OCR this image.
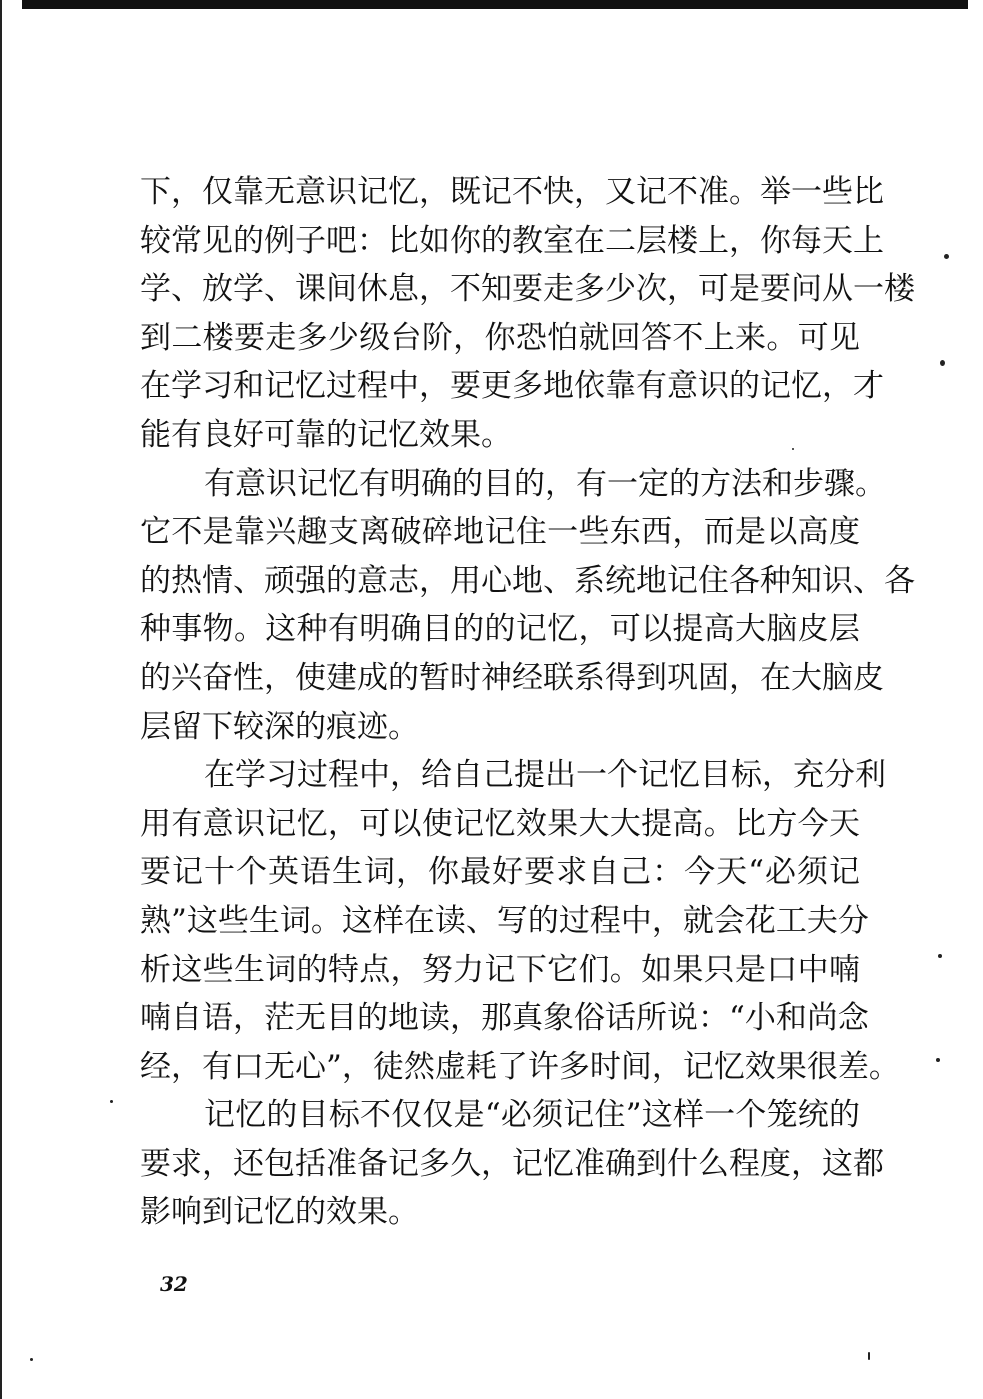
下，仅靠无意识记忆，既记不快，又记不准。举一些比
较常见的例子吧：比如你的教室在二层楼上，你每天上
学、放学、课间休息，不知要走多少次，可是要问从一楼
到二楼要走多少级台阶，你恐怕就回答不上来。可见
在学习和记忆过程中，要更多地依靠有意识的记忆，才
能有良好可靠的记忆效果。
有意识记忆有明确的目的，有一定的方法和步骤。
它不是靠兴趣支离破碎地记住一些东西，而是以高度
的热情、顽强的意志，用心地、系统地记住各种知识、各
种事物。这种有明确目的的记忆，可以提高大脑皮层
的兴奋性，使建成的暂时神经联系得到巩固，在大脑皮
层留下较深的痕迹。
在学习过程中，给自己提出一个记忆目标，充分利
用有意识记忆，可以使记忆效果大大提高。比方今天
要记十个英语生词，你最好要求自己：今天“必须记
熟”这些生词。这样在读、写的过程中，就会花工夫分
析这些生词的特点，努力记下它们。如果只是口中喃
喃自语，茫无目的地读，那真象俗话所说：“小和尚念
经，有口无心”，徒然虚耗了许多时间，记忆效果很差。
记忆的目标不仅仅是“必须记住”这样一个笼统的
要求，还包括准备记多久，记忆准确到什么程度，这都
影响到记忆的效果。
32
